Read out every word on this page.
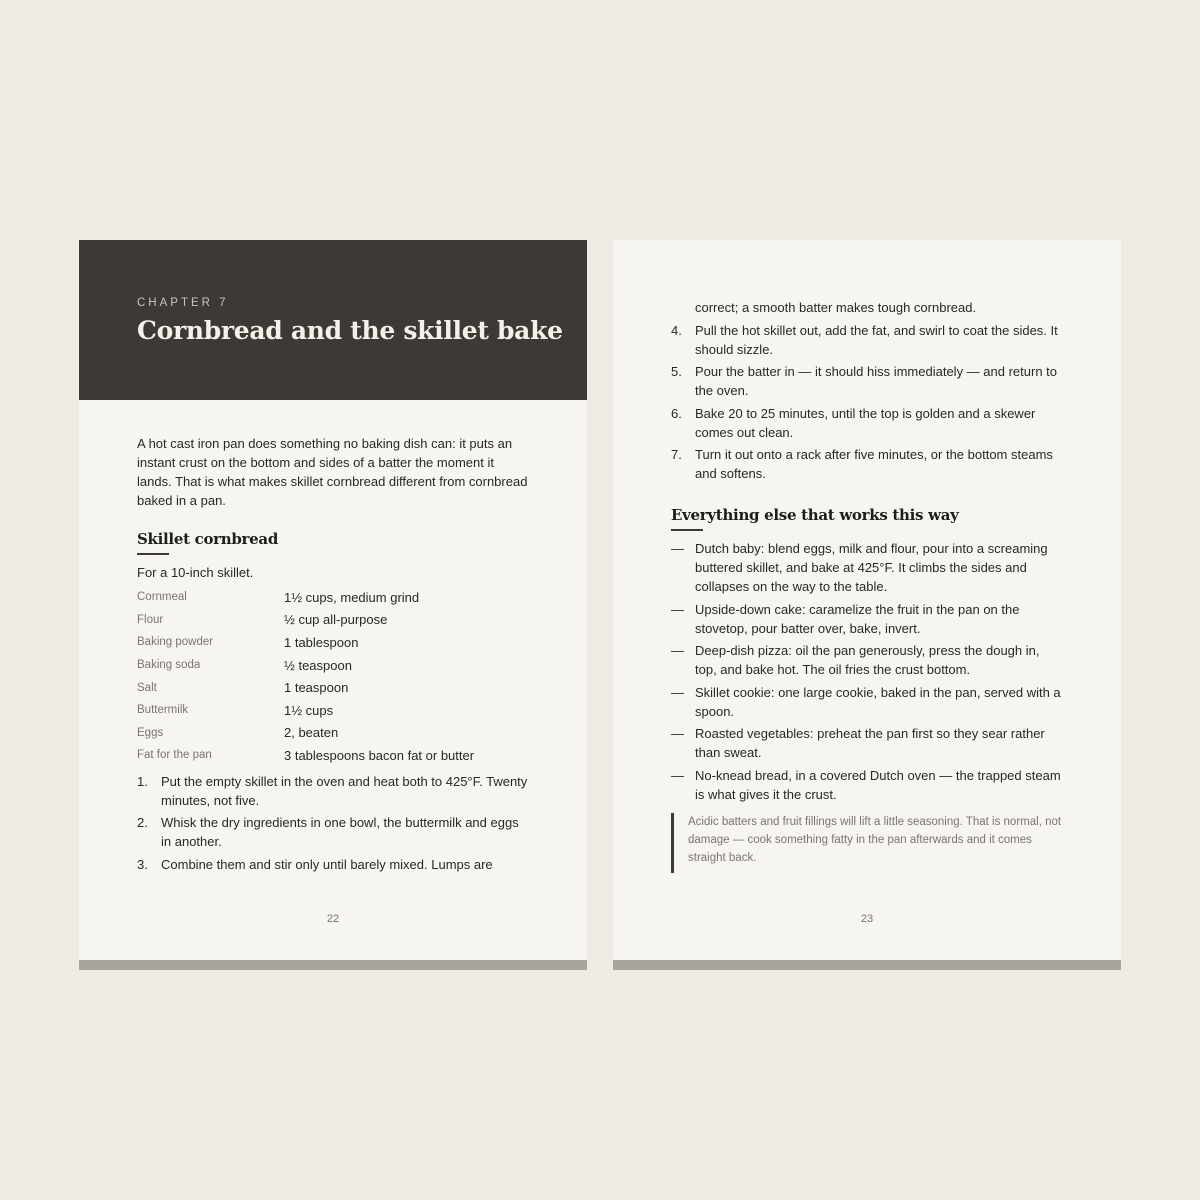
CHAPTER 7

Cornbread and the skillet bake

A hot cast iron pan does something no baking dish can: it puts an instant crust on the bottom and sides of a batter the moment it lands. That is what makes skillet cornbread different from cornbread baked in a pan.

Skillet cornbread

For a 10-inch skillet.

Cornmeal	1½ cups, medium grind
Flour	½ cup all-purpose
Baking powder	1 tablespoon
Baking soda	½ teaspoon
Salt	1 teaspoon
Buttermilk	1½ cups
Eggs	2, beaten
Fat for the pan	3 tablespoons bacon fat or butter
1.	Put the empty skillet in the oven and heat both to 425°F. Twenty minutes, not five.
2.	Whisk the dry ingredients in one bowl, the buttermilk and eggs in another.
3.	Combine them and stir only until barely mixed. Lumps are
22

correct; a smooth batter makes tough cornbread.

4.	Pull the hot skillet out, add the fat, and swirl to coat the sides. It should sizzle.
5.	Pour the batter in — it should hiss immediately — and return to the oven.
6.	Bake 20 to 25 minutes, until the top is golden and a skewer comes out clean.
7.	Turn it out onto a rack after five minutes, or the bottom steams and softens.
Everything else that works this way
— Dutch baby: blend eggs, milk and flour, pour into a screaming buttered skillet, and bake at 425°F. It climbs the sides and collapses on the way to the table.
— Upside-down cake: caramelize the fruit in the pan on the stovetop, pour batter over, bake, invert.
— Deep-dish pizza: oil the pan generously, press the dough in, top, and bake hot. The oil fries the crust bottom.
— Skillet cookie: one large cookie, baked in the pan, served with a spoon.
— Roasted vegetables: preheat the pan first so they sear rather than sweat.
— No-knead bread, in a covered Dutch oven — the trapped steam is what gives it the crust.
Acidic batters and fruit fillings will lift a little seasoning. That is normal, not damage — cook something fatty in the pan afterwards and it comes straight back.
23
